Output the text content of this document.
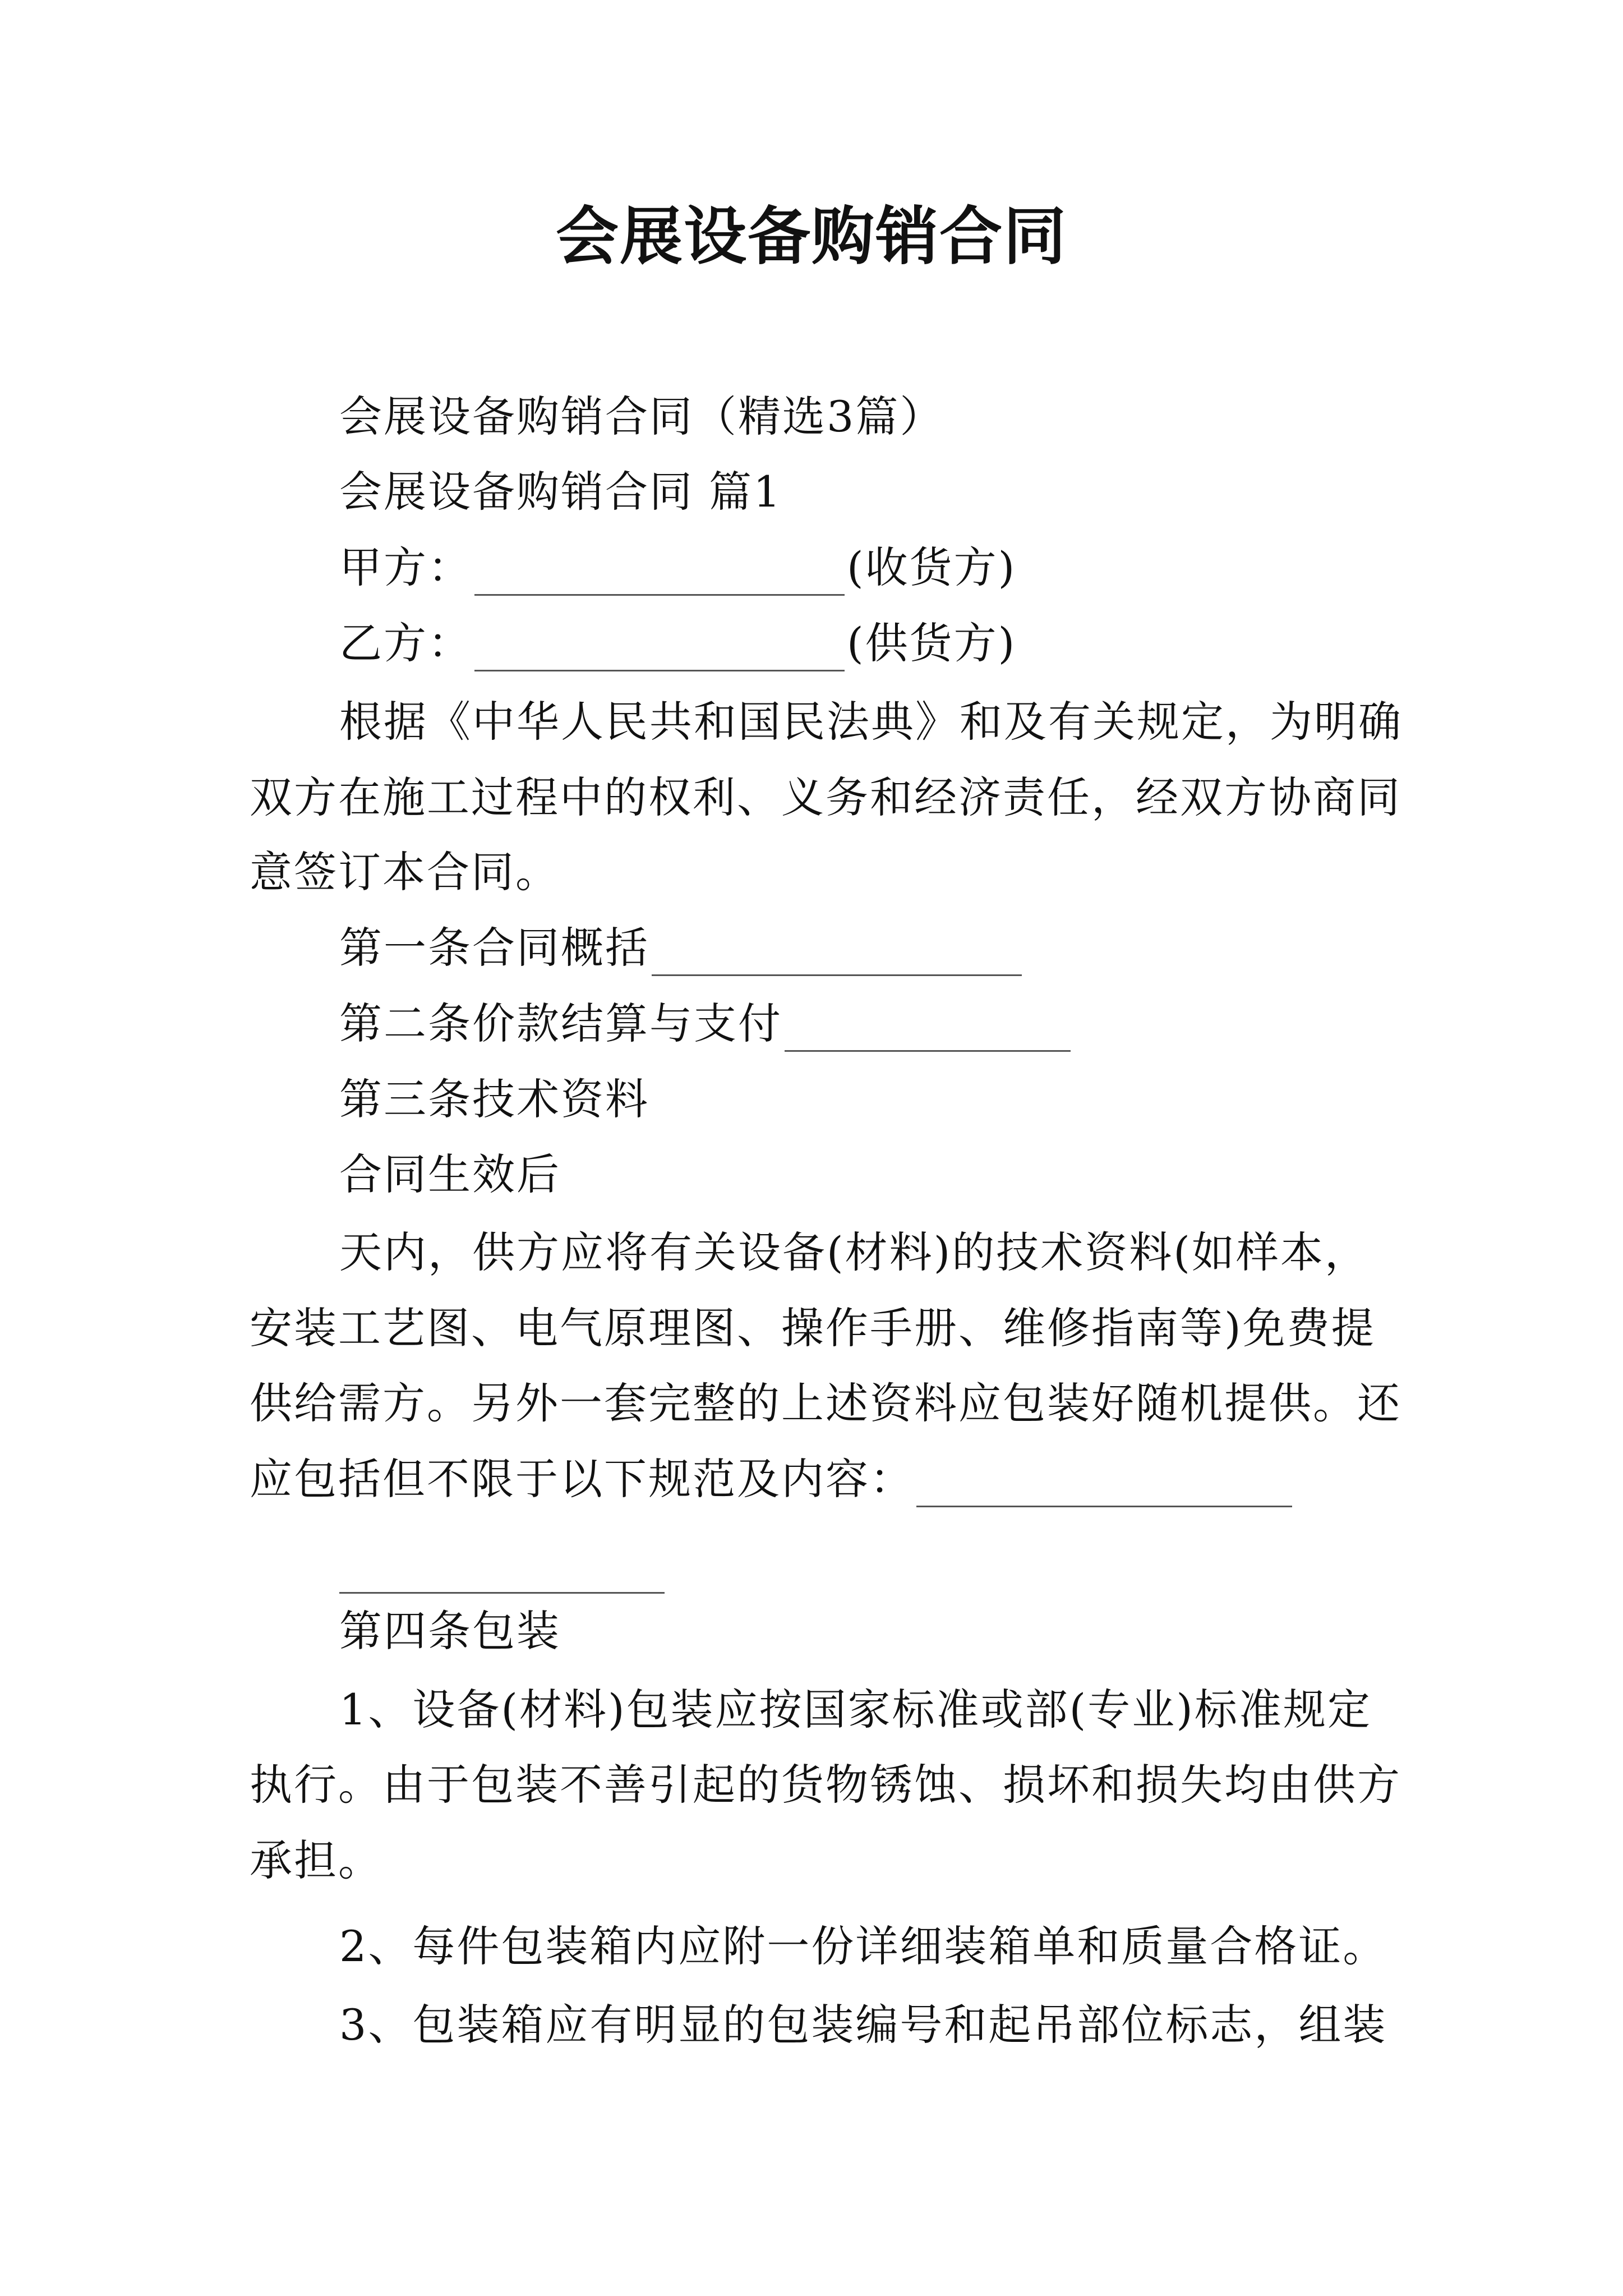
会展设备购销合同

会展设备购销合同（精选3篇）

会展设备购销合同 篇1

甲方：	(收货方)

乙方：	(供货方)

根据《中华人民共和国民法典》和及有关规定，为明确

双方在施工过程中的权利、义务和经济责任，经双方协商同

意签订本合同。

第一条合同概括

第二条价款结算与支付

第三条技术资料

合同生效后

天内，供方应将有关设备(材料)的技术资料(如样本，

安装工艺图、电气原理图、操作手册、维修指南等)免费提

供给需方。另外一套完整的上述资料应包装好随机提供。还

应包括但不限于以下规范及内容：

第四条包装

1、设备(材料)包装应按国家标准或部(专业)标准规定

执行。由于包装不善引起的货物锈蚀、损坏和损失均由供方

承担。

2、每件包装箱内应附一份详细装箱单和质量合格证。

3、包装箱应有明显的包装编号和起吊部位标志，组装
